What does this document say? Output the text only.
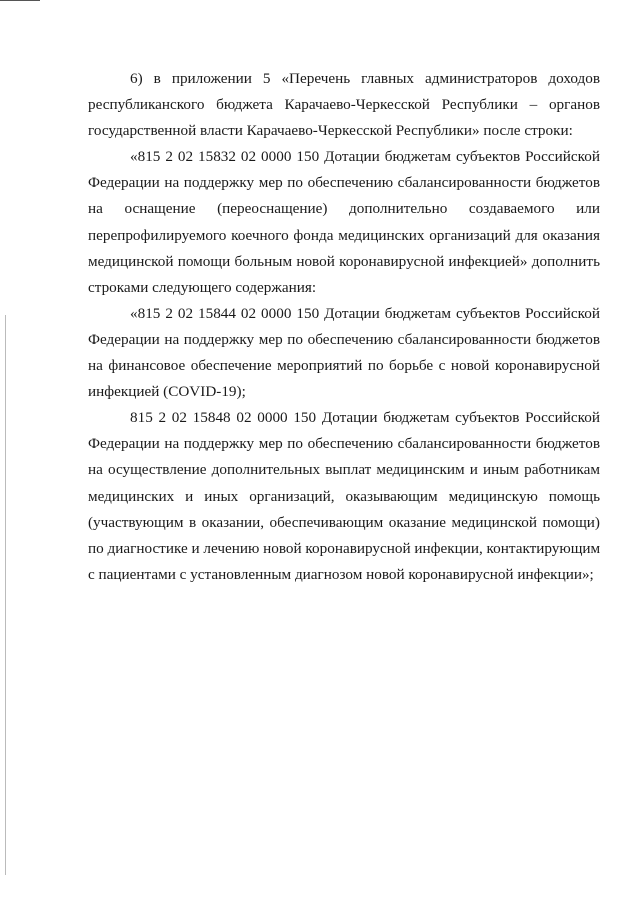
6) в приложении 5 «Перечень главных администраторов доходов
республиканского бюджета Карачаево-Черкесской Республики – органов
государственной власти Карачаево-Черкесской Республики» после строки:
«815 2 02 15832 02 0000 150 Дотации бюджетам субъектов Российской
Федерации на поддержку мер по обеспечению сбалансированности бюджетов
на оснащение (переоснащение) дополнительно создаваемого или
перепрофилируемого коечного фонда медицинских организаций для оказания
медицинской помощи больным новой коронавирусной инфекцией» дополнить
строками следующего содержания:
«815 2 02 15844 02 0000 150 Дотации бюджетам субъектов Российской
Федерации на поддержку мер по обеспечению сбалансированности бюджетов
на финансовое обеспечение мероприятий по борьбе с новой коронавирусной
инфекцией (COVID-19);
815 2 02 15848 02 0000 150 Дотации бюджетам субъектов Российской
Федерации на поддержку мер по обеспечению сбалансированности бюджетов
на осуществление дополнительных выплат медицинским и иным работникам
медицинских и иных организаций, оказывающим медицинскую помощь
(участвующим в оказании, обеспечивающим оказание медицинской помощи)
по диагностике и лечению новой коронавирусной инфекции, контактирующим
с пациентами с установленным диагнозом новой коронавирусной инфекции»;
